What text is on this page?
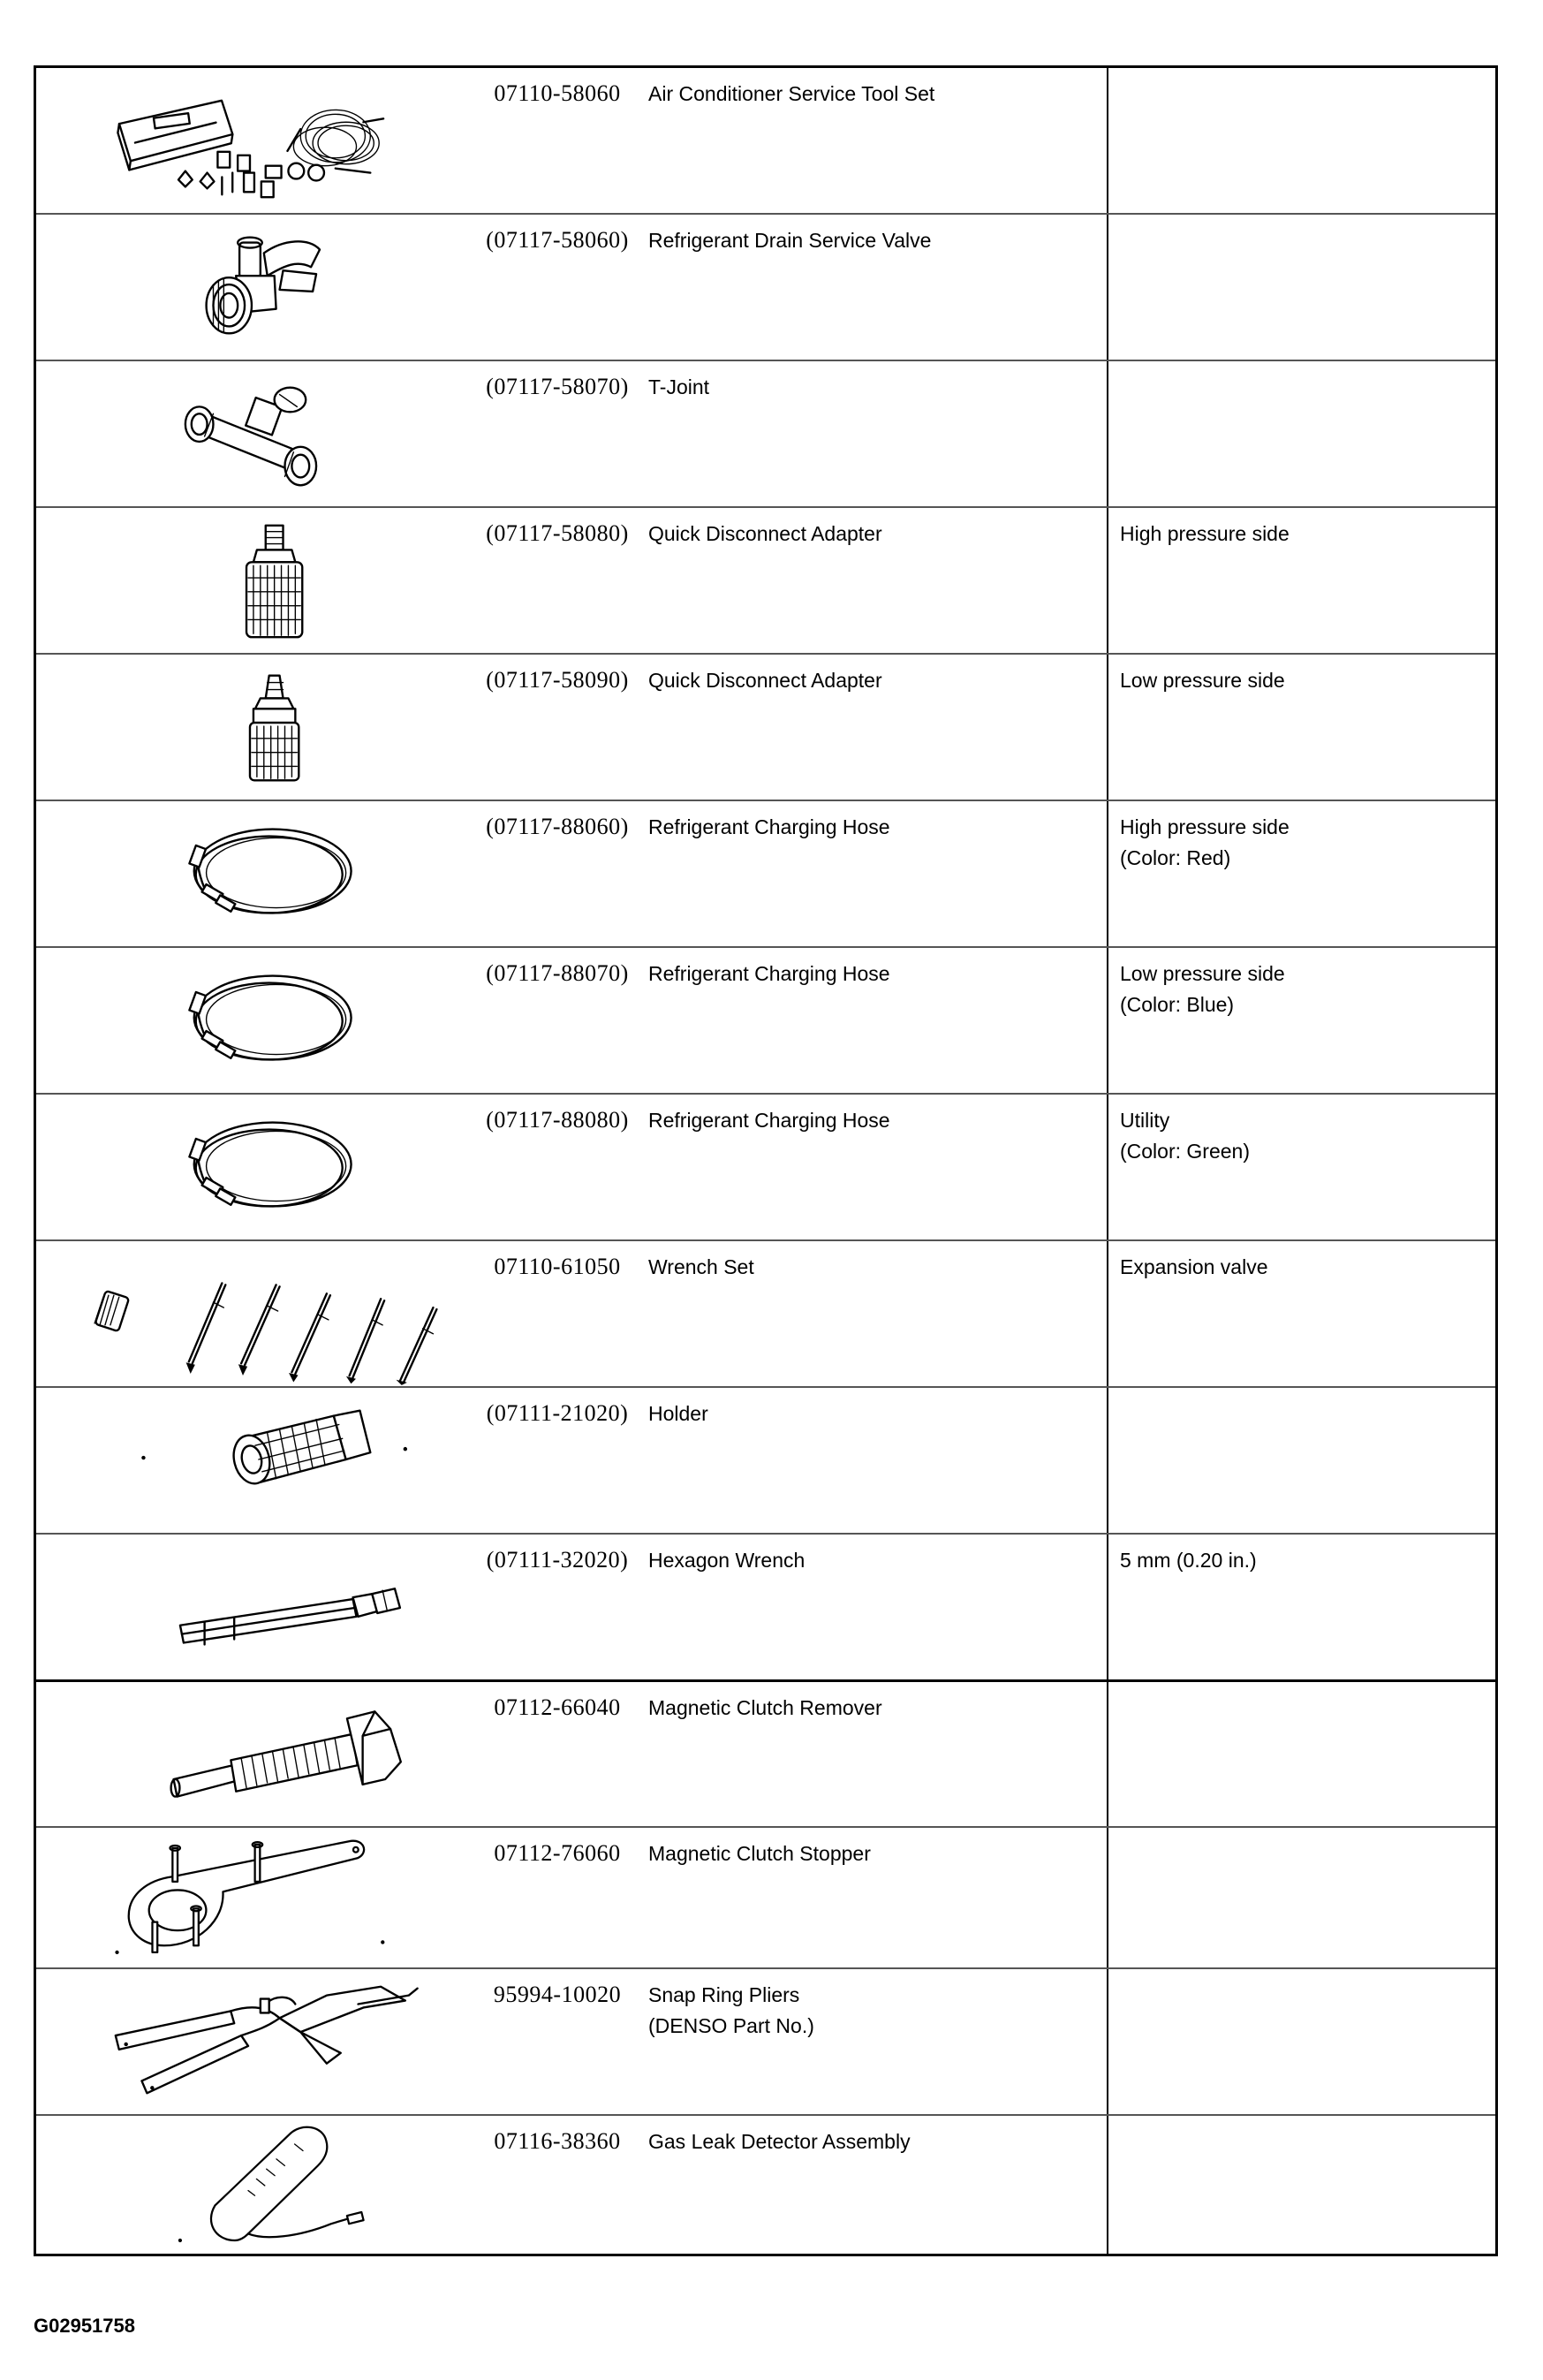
07110-58060	Air Conditioner Service Tool Set
(07117-58060) Refrigerant Drain Service Valve
(07117-58070) T-Joint
(07117-58080) Quick Disconnect Adapter	High pressure side
(07117-58090) Quick Disconnect Adapter	Low pressure side
(07117-88060) Refrigerant Charging Hose	High pressure side
(Color: Red)
(07117-88070) Refrigerant Charging Hose	Low pressure side
(Color: Blue)
(07117-88080) Refrigerant Charging Hose	Utility
(Color: Green)
07110-61050	Wrench Set	Expansion valve
(07111-21020) Holder
(07111-32020) Hexagon Wrench	5 mm (0.20 in.)
07112-66040	Magnetic Clutch Remover
07112-76060	Magnetic Clutch Stopper
95994-10020	Snap Ring Pliers
(DENSO Part No.)
07116-38360	Gas Leak Detector Assembly
G02951758
